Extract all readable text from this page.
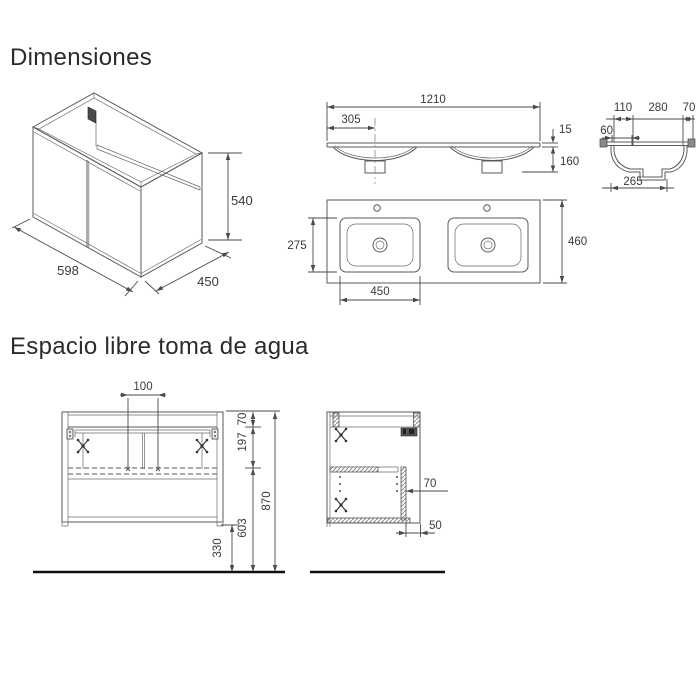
Dimensiones
598
450
540
1210
305
15
160
275	460
450
110 280 70
60
265
Espacio libre toma de agua
100
330
70
197
603
870
70
50
